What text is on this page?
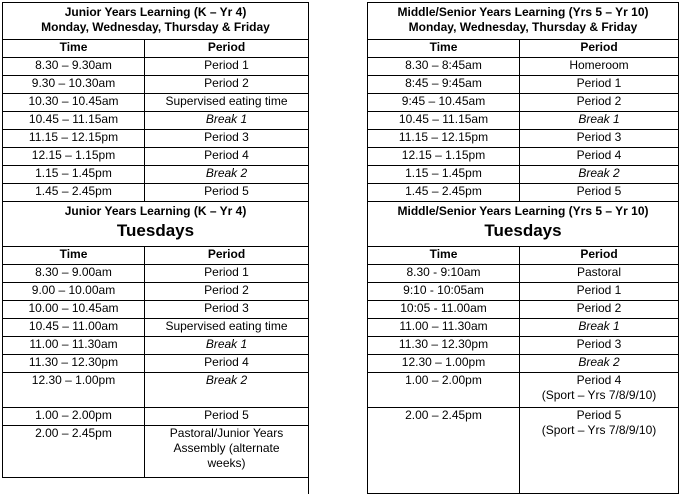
Junior Years Learning (K – Yr 4)
Monday, Wednesday, Thursday & Friday	

Time	Period
8.30 – 9.30am	Period 1
9.30 – 10.30am	Period 2
10.30 – 10.45am	Supervised eating time
10.45 – 11.15am	Break 1
11.15 – 12.15pm	Period 3
12.15 – 1.15pm	Period 4
1.15 – 1.45pm	Break 2
1.45 – 2.45pm	Period 5

Junior Years Learning (K – Yr 4)
Tuesdays	

Time	Period
8.30 – 9.00am	Period 1
9.00 – 10.00am	Period 2
10.00 – 10.45am	Period 3
10.45 – 11.00am	Supervised eating time
11.00 – 11.30am	Break 1
11.30 – 12.30pm	Period 4
12.30 – 1.00pm	Break 2
1.00 – 2.00pm	Period 5
2.00 – 2.45pm	Pastoral/Junior Years
Assembly (alternate
weeks)
Middle/Senior Years Learning (Yrs 5 – Yr 10)
Monday, Wednesday, Thursday & Friday	

Time	Period
8.30 – 8:45am	Homeroom
8:45 – 9:45am	Period 1
9:45 – 10.45am	Period 2
10.45 – 11.15am	Break 1
11.15 – 12.15pm	Period 3
12.15 – 1.15pm	Period 4
1.15 – 1.45pm	Break 2
1.45 – 2.45pm	Period 5

Middle/Senior Years Learning (Yrs 5 – Yr 10)
Tuesdays	

Time	Period
8.30 - 9:10am	Pastoral
9:10 - 10:05am	Period 1
10:05 - 11.00am	Period 2
11.00 – 11.30am	Break 1
11.30 – 12.30pm	Period 3
12.30 – 1.00pm	Break 2
1.00 – 2.00pm	Period 4
(Sport – Yrs 7/8/9/10)

2.00 – 2.45pm	Period 5
(Sport – Yrs 7/8/9/10)
